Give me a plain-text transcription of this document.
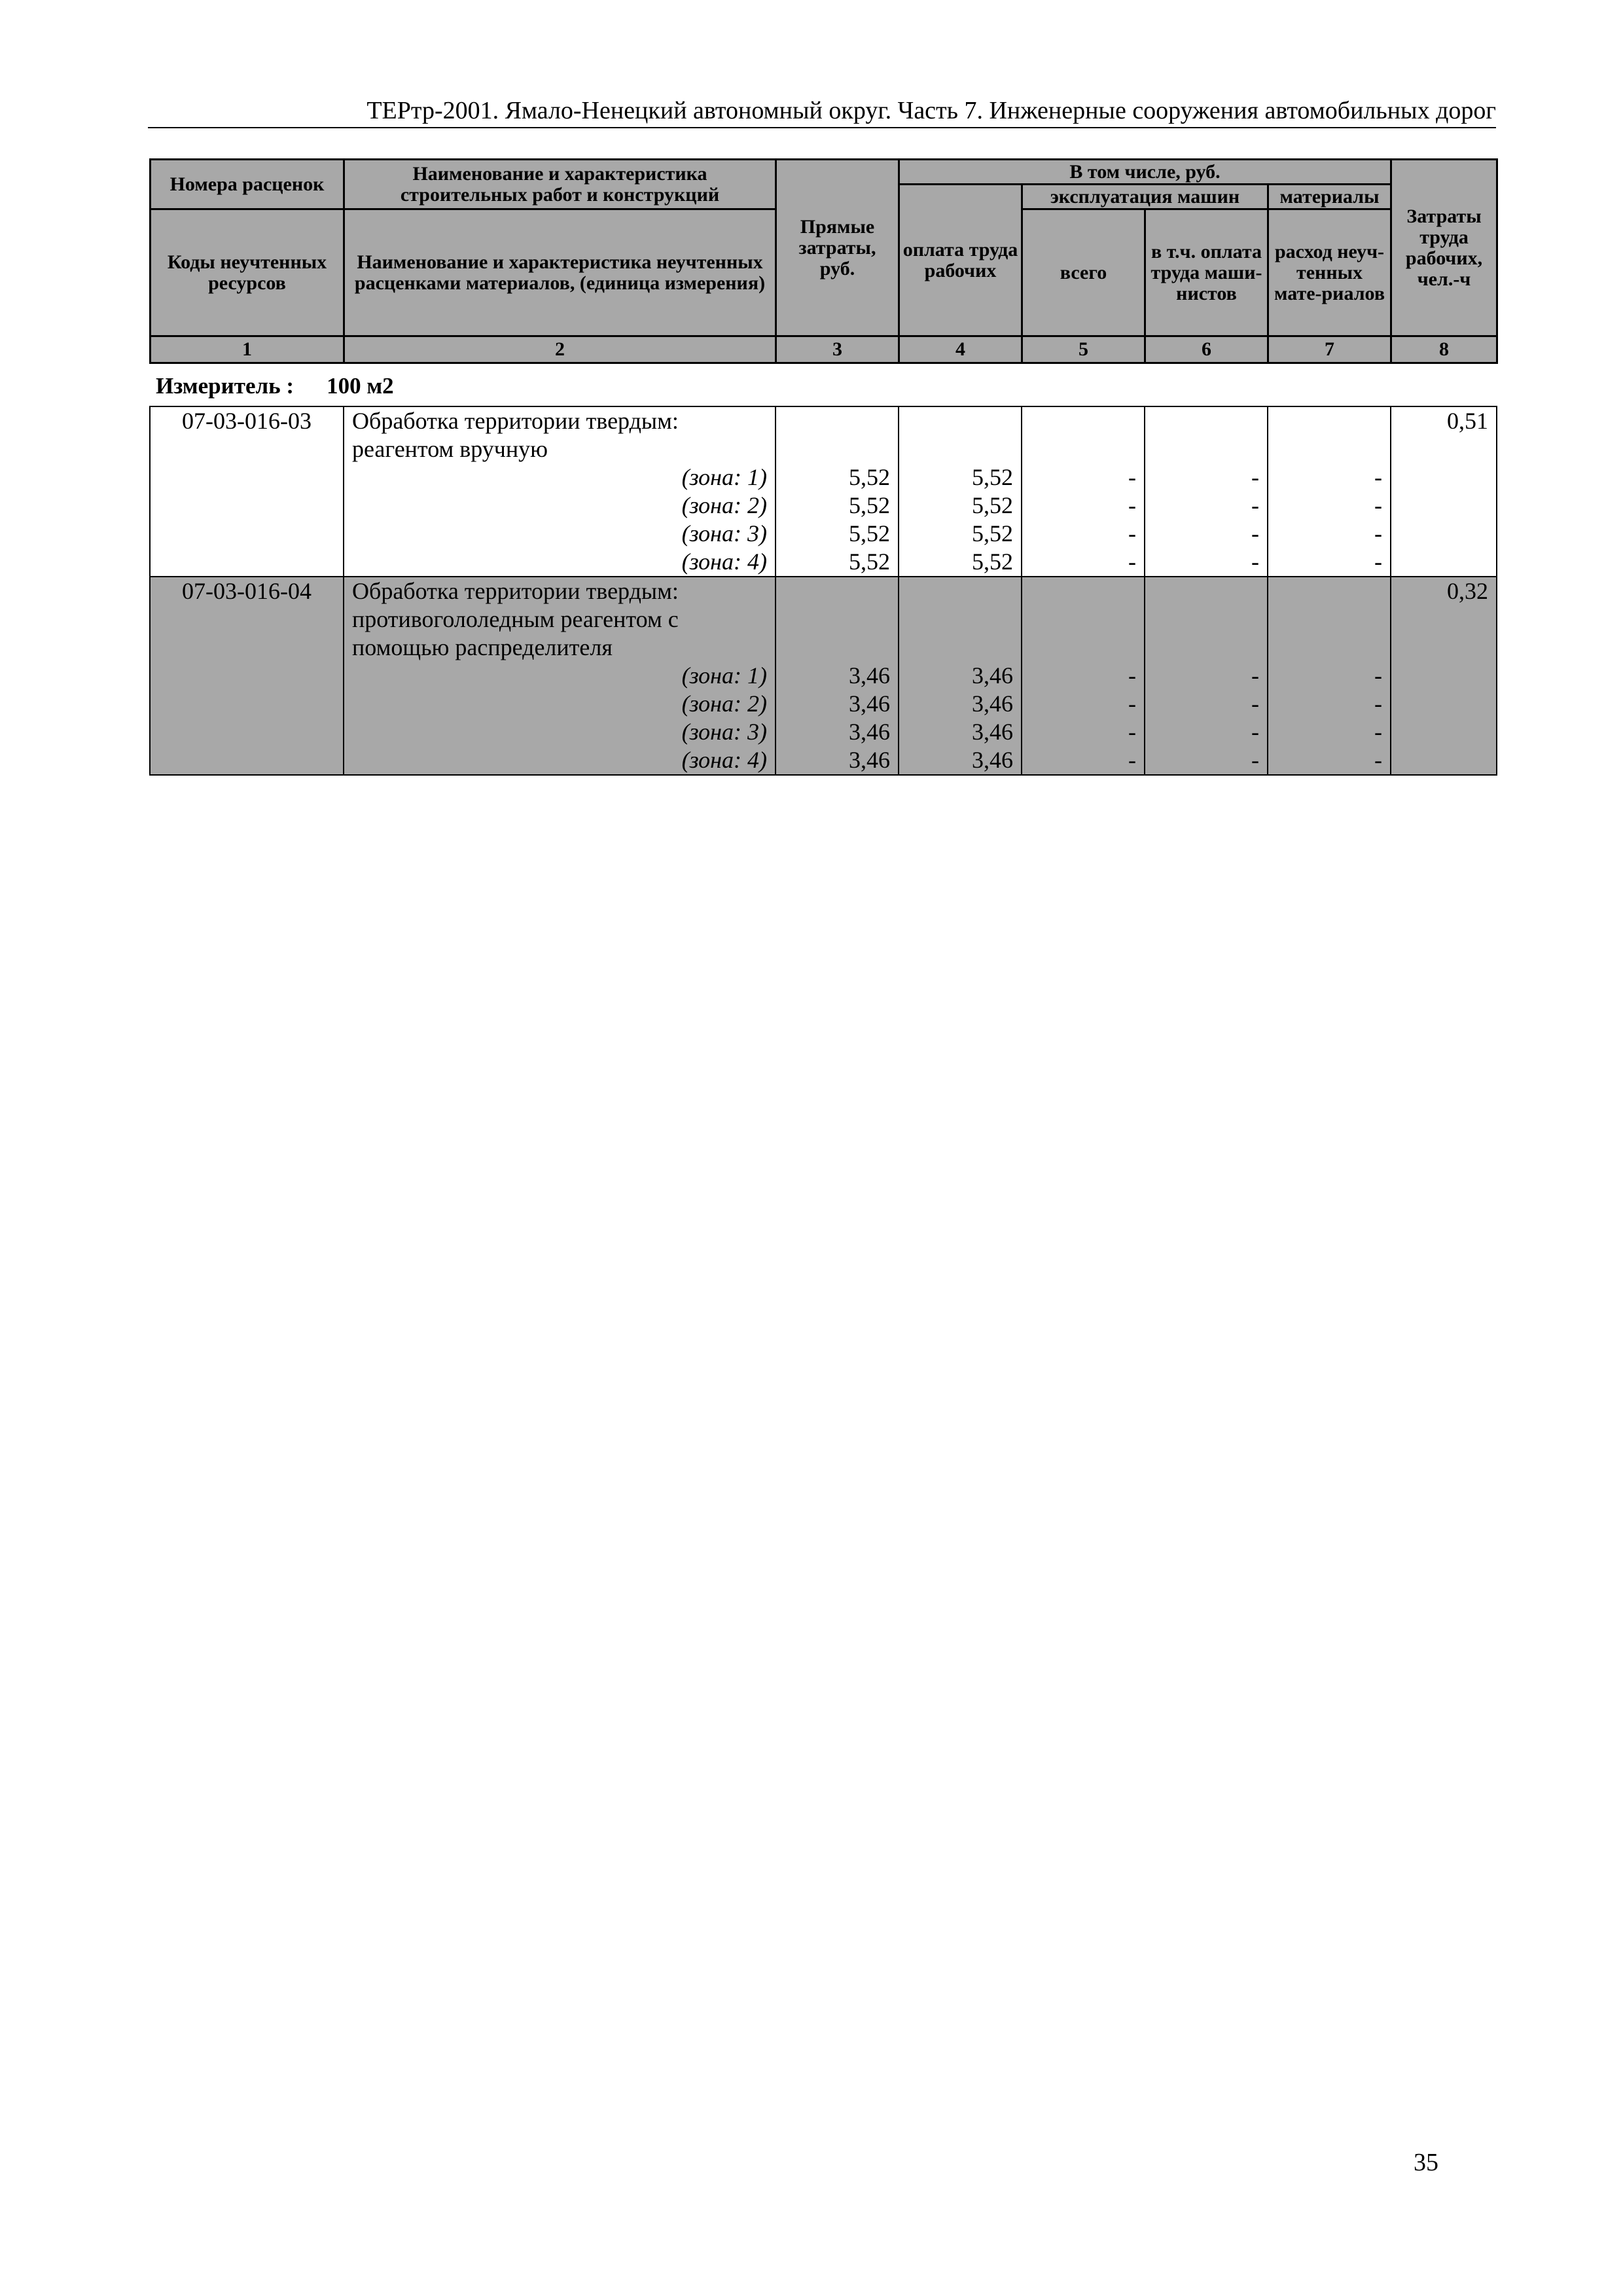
ТЕРтр-2001. Ямало-Ненецкий автономный округ. Часть 7. Инженерные сооружения автомобильных дорог
Номера расценок	Наименование и характеристика строительных работ и конструкций	Прямые затраты, руб.	В том числе, руб.				Затраты труда рабочих, чел.-ч
			оплата труда рабочих	эксплуатация машин		материалы	
Коды неучтенных ресурсов	Наименование и характеристика неучтенных расценками материалов, (единица измерения)			всего	в т.ч. оплата труда маши-нистов	расход неуч-тенных мате-риалов	
1	2	3	4	5	6	7	8
Измеритель : 100 м2
07-03-016-03	Обработка территории твердым:						0,51
	реагентом вручную						
	(зона: 1)	5,52	5,52	-	-	-	
	(зона: 2)	5,52	5,52	-	-	-	
	(зона: 3)	5,52	5,52	-	-	-	
	(зона: 4)	5,52	5,52	-	-	-	
07-03-016-04	Обработка территории твердым:						0,32
	противогололедным реагентом с						
	помощью распределителя						
	(зона: 1)	3,46	3,46	-	-	-	
	(зона: 2)	3,46	3,46	-	-	-	
	(зона: 3)	3,46	3,46	-	-	-	
	(зона: 4)	3,46	3,46	-	-	-	
35
